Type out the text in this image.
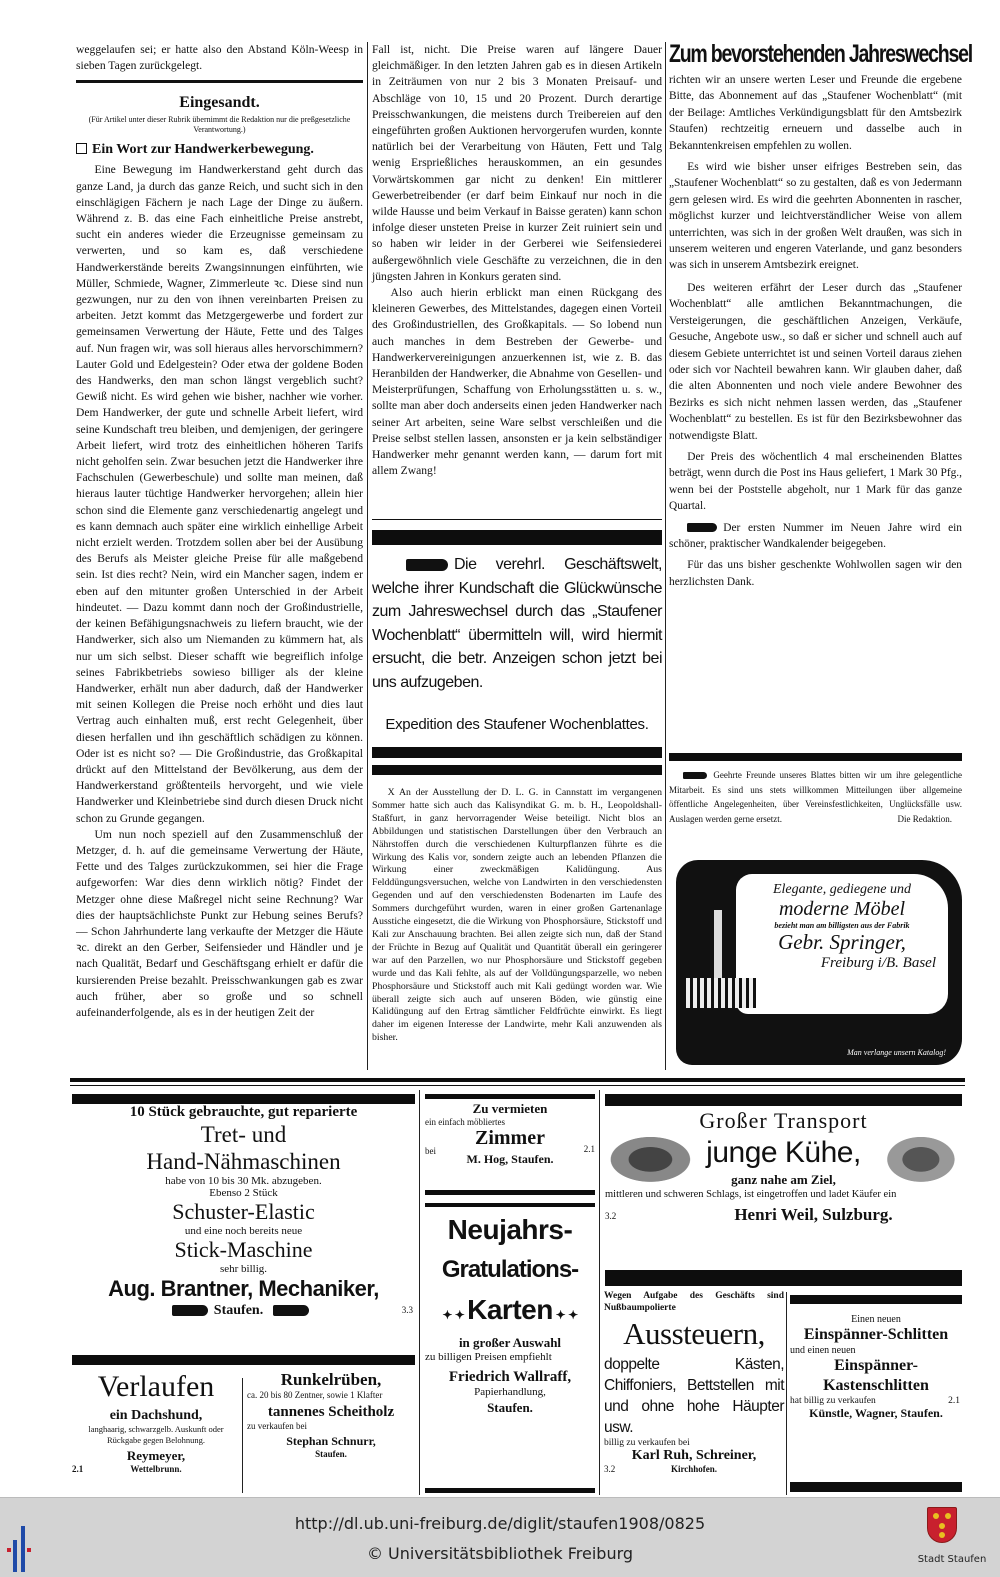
weggelaufen sei; er hatte also den Abstand Köln-Weesp in sieben Tagen zurückgelegt.

Eingesandt.
(Für Artikel unter dieser Rubrik übernimmt die Redaktion nur die preßgesetzliche Verantwortung.)
Ein Wort zur Handwerkerbewegung.

Eine Bewegung im Handwerkerstand geht durch das ganze Land, ja durch das ganze Reich, und sucht sich in den einschlägigen Fächern je nach Lage der Dinge zu äußern. Während z. B. das eine Fach einheitliche Preise anstrebt, sucht ein anderes wieder die Erzeugnisse gemeinsam zu verwerten, und so kam es, daß verschiedene Handwerkerstände bereits Zwangsinnungen einführten, wie Müller, Schmiede, Wagner, Zimmerleute ꝛc. Diese sind nun gezwungen, nur zu den von ihnen vereinbarten Preisen zu arbeiten. Jetzt kommt das Metzgergewerbe und fordert zur gemeinsamen Verwertung der Häute, Fette und des Talges auf. Nun fragen wir, was soll hieraus alles hervorschimmern? Lauter Gold und Edelgestein? Oder etwa der goldene Boden des Handwerks, den man schon längst vergeblich sucht? Gewiß nicht. Es wird gehen wie bisher, nachher wie vorher. Dem Handwerker, der gute und schnelle Arbeit liefert, wird seine Kundschaft treu bleiben, und demjenigen, der geringere Arbeit liefert, wird trotz des einheitlichen höheren Tarifs nicht geholfen sein. Zwar besuchen jetzt die Handwerker ihre Fachschulen (Gewerbeschule) und sollte man meinen, daß hieraus lauter tüchtige Handwerker hervorgehen; allein hier schon sind die Elemente ganz verschiedenartig angelegt und es kann demnach auch später eine wirklich einhellige Arbeit nicht erzielt werden. Trotzdem sollen aber bei der Ausübung des Berufs als Meister gleiche Preise für alle maßgebend sein. Ist dies recht? Nein, wird ein Mancher sagen, indem er eben auf den mitunter großen Unterschied in der Arbeit hindeutet. — Dazu kommt dann noch der Großindustrielle, der keinen Befähigungsnachweis zu liefern braucht, wie der Handwerker, sich also um Niemanden zu kümmern hat, als nur um sich selbst. Dieser schafft wie begreiflich infolge seines Fabrikbetriebs sowieso billiger als der kleine Handwerker, erhält nun aber dadurch, daß der Handwerker mit seinen Kollegen die Preise noch erhöht und dies laut Vertrag auch einhalten muß, erst recht Gelegenheit, über diesen herfallen und ihn geschäftlich schädigen zu können. Oder ist es nicht so? — Die Großindustrie, das Großkapital drückt auf den Mittelstand der Bevölkerung, aus dem der Handwerkerstand größtenteils hervorgeht, und wie viele Handwerker und Kleinbetriebe sind durch diesen Druck nicht schon zu Grunde gegangen.

Um nun noch speziell auf den Zusammenschluß der Metzger, d. h. auf die gemeinsame Verwertung der Häute, Fette und des Talges zurückzukommen, sei hier die Frage aufgeworfen: War dies denn wirklich nötig? Findet der Metzger ohne diese Maßregel nicht seine Rechnung? War dies der hauptsächlichste Punkt zur Hebung seines Berufs? — Schon Jahrhunderte lang verkaufte der Metzger die Häute ꝛc. direkt an den Gerber, Seifensieder und Händler und je nach Qualität, Bedarf und Geschäftsgang erhielt er dafür die kursierenden Preise bezahlt. Preisschwankungen gab es zwar auch früher, aber so große und so schnell aufeinanderfolgende, als es in der heutigen Zeit der

Fall ist, nicht. Die Preise waren auf längere Dauer gleichmäßiger. In den letzten Jahren gab es in diesen Artikeln in Zeiträumen von nur 2 bis 3 Monaten Preisauf- und Abschläge von 10, 15 und 20 Prozent. Durch derartige Preisschwankungen, die meistens durch Treibereien auf den eingeführten großen Auktionen hervorgerufen wurden, konnte natürlich bei der Verarbeitung von Häuten, Fett und Talg wenig Ersprießliches herauskommen, an ein gesundes Vorwärtskommen gar nicht zu denken! Ein mittlerer Gewerbetreibender (er darf beim Einkauf nur noch in die wilde Hausse und beim Verkauf in Baisse geraten) kann schon infolge dieser unsteten Preise in kurzer Zeit ruiniert sein und so haben wir leider in der Gerberei wie Seifensiederei außergewöhnlich viele Geschäfte zu verzeichnen, die in den jüngsten Jahren in Konkurs geraten sind.

Also auch hierin erblickt man einen Rückgang des kleineren Gewerbes, des Mittelstandes, dagegen einen Vorteil des Großindustriellen, des Großkapitals. — So lobend nun auch manches in dem Bestreben der Gewerbe- und Handwerkervereinigungen anzuerkennen ist, wie z. B. das Heranbilden der Handwerker, die Abnahme von Gesellen- und Meisterprüfungen, Schaffung von Erholungsstätten u. s. w., sollte man aber doch anderseits einen jeden Handwerker nach seiner Art arbeiten, seine Ware selbst verschleißen und die Preise selbst stellen lassen, ansonsten er ja kein selbständiger Handwerker mehr genannt werden kann, — darum fort mit allem Zwang!

Die verehrl. Geschäftswelt, welche ihrer Kundschaft die Glückwünsche zum Jahreswechsel durch das „Staufener Wochenblatt“ übermitteln will, wird hiermit ersucht, die betr. Anzeigen schon jetzt bei uns aufzugeben.
Expedition des Staufener Wochenblattes.

X An der Ausstellung der D. L. G. in Cannstatt im vergangenen Sommer hatte sich auch das Kalisyndikat G. m. b. H., Leopoldshall-Staßfurt, in ganz hervorragender Weise beteiligt. Nicht blos an Abbildungen und statistischen Darstellungen über den Verbrauch an Nährstoffen durch die verschiedenen Kulturpflanzen führte es die Wirkung des Kalis vor, sondern zeigte auch an lebenden Pflanzen die Wirkung einer zweckmäßigen Kalidüngung. Aus Felddüngungsversuchen, welche von Landwirten in den verschiedensten Gegenden und auf den verschiedensten Bodenarten im Laufe des Sommers durchgeführt wurden, waren in einer großen Gartenanlage Ausstiche eingesetzt, die die Wirkung von Phosphorsäure, Stickstoff und Kali zur Anschauung brachten. Bei allen zeigte sich nun, daß der Stand der Früchte in Bezug auf Qualität und Quantität überall ein geringerer war auf den Parzellen, wo nur Phosphorsäure und Stickstoff gegeben wurde und das Kali fehlte, als auf der Volldüngungsparzelle, wo neben Phosphorsäure und Stickstoff auch mit Kali gedüngt worden war. Wie überall zeigte sich auch auf unseren Böden, wie günstig eine Kalidüngung auf den Ertrag sämtlicher Feldfrüchte einwirkt. Es liegt daher im eigenen Interesse der Landwirte, mehr Kali anzuwenden als bisher.

Zum bevorstehenden Jahreswechsel

richten wir an unsere werten Leser und Freunde die ergebene Bitte, das Abonnement auf das „Staufener Wochenblatt“ (mit der Beilage: Amtliches Verkündigungsblatt für den Amtsbezirk Staufen) rechtzeitig erneuern und dasselbe auch in Bekanntenkreisen empfehlen zu wollen.

Es wird wie bisher unser eifriges Bestreben sein, das „Staufener Wochenblatt“ so zu gestalten, daß es von Jedermann gern gelesen wird. Es wird die geehrten Abonnenten in rascher, möglichst kurzer und leichtverständlicher Weise von allem unterrichten, was sich in der großen Welt draußen, was sich in unserem weiteren und engeren Vaterlande, und ganz besonders was sich in unserem Amtsbezirk ereignet.

Des weiteren erfährt der Leser durch das „Staufener Wochenblatt“ alle amtlichen Bekanntmachungen, die Versteigerungen, die geschäftlichen Anzeigen, Verkäufe, Gesuche, Angebote usw., so daß er sicher und schnell auch auf diesem Gebiete unterrichtet ist und seinen Vorteil daraus ziehen oder sich vor Nachteil bewahren kann. Wir glauben daher, daß die alten Abonnenten und noch viele andere Bewohner des Bezirks es sich nicht nehmen lassen werden, das „Staufener Wochenblatt“ zu bestellen. Es ist für den Bezirksbewohner das notwendigste Blatt.

Der Preis des wöchentlich 4 mal erscheinenden Blattes beträgt, wenn durch die Post ins Haus geliefert, 1 Mark 30 Pfg., wenn bei der Poststelle abgeholt, nur 1 Mark für das ganze Quartal.

Der ersten Nummer im Neuen Jahre wird ein schöner, praktischer Wandkalender beigegeben.

Für das uns bisher geschenkte Wohlwollen sagen wir den herzlichsten Dank.

Geehrte Freunde unseres Blattes bitten wir um ihre gelegentliche Mitarbeit. Es sind uns stets willkommen Mitteilungen über allgemeine öffentliche Angelegenheiten, über Vereinsfestlichkeiten, Unglücksfälle usw. Auslagen werden gerne ersetzt.	Die Redaktion.

Elegante, gediegene und
moderne Möbel
bezieht man am billigsten aus der Fabrik
Gebr. Springer,
Freiburg i/B. Basel
Man verlange unsern Katalog!
10 Stück gebrauchte, gut reparierte
Tret- und
Hand-Nähmaschinen
habe von 10 bis 30 Mk. abzugeben.
Ebenso 2 Stück
Schuster-Elastic
und eine noch bereits neue
Stick-Maschine
sehr billig.
Aug. Brantner, Mechaniker,
Staufen.	3.3
Verlaufen
ein Dachshund,
langhaarig, schwarzgelb. Auskunft oder Rückgabe gegen Belohnung.
Reymeyer,
2.1	Wettelbrunn.
Runkelrüben,
ca. 20 bis 80 Zentner, sowie 1 Klafter
tannenes Scheitholz
zu verkaufen bei
Stephan Schnurr,
Staufen.
Zu vermieten
ein einfach möbliertes
Zimmer
bei
M. Hog, Staufen.
2.1
Neujahrs-
Gratulations-
✦ ✦ Karten ✦ ✦
in großer Auswahl
zu billigen Preisen empfiehlt
Friedrich Wallraff,
Papierhandlung,
Staufen.
Großer Transport
junge Kühe,
ganz nahe am Ziel,
mittleren und schweren Schlags, ist eingetroffen und ladet Käufer ein
3.2	Henri Weil, Sulzburg.
Wegen Aufgabe des Geschäfts sind Nußbaumpolierte
Aussteuern,
doppelte Kästen, Chiffoniers, Bettstellen mit und ohne hohe Häupter usw.
billig zu verkaufen bei
Karl Ruh, Schreiner,
3.2	Kirchhofen.
Einen neuen
Einspänner-Schlitten
und einen neuen
Einspänner-Kastenschlitten
hat billig zu verkaufen	2.1
Künstle, Wagner, Staufen.
http://dl.ub.uni-freiburg.de/diglit/staufen1908/0825
© Universitätsbibliothek Freiburg	Stadt Staufen
